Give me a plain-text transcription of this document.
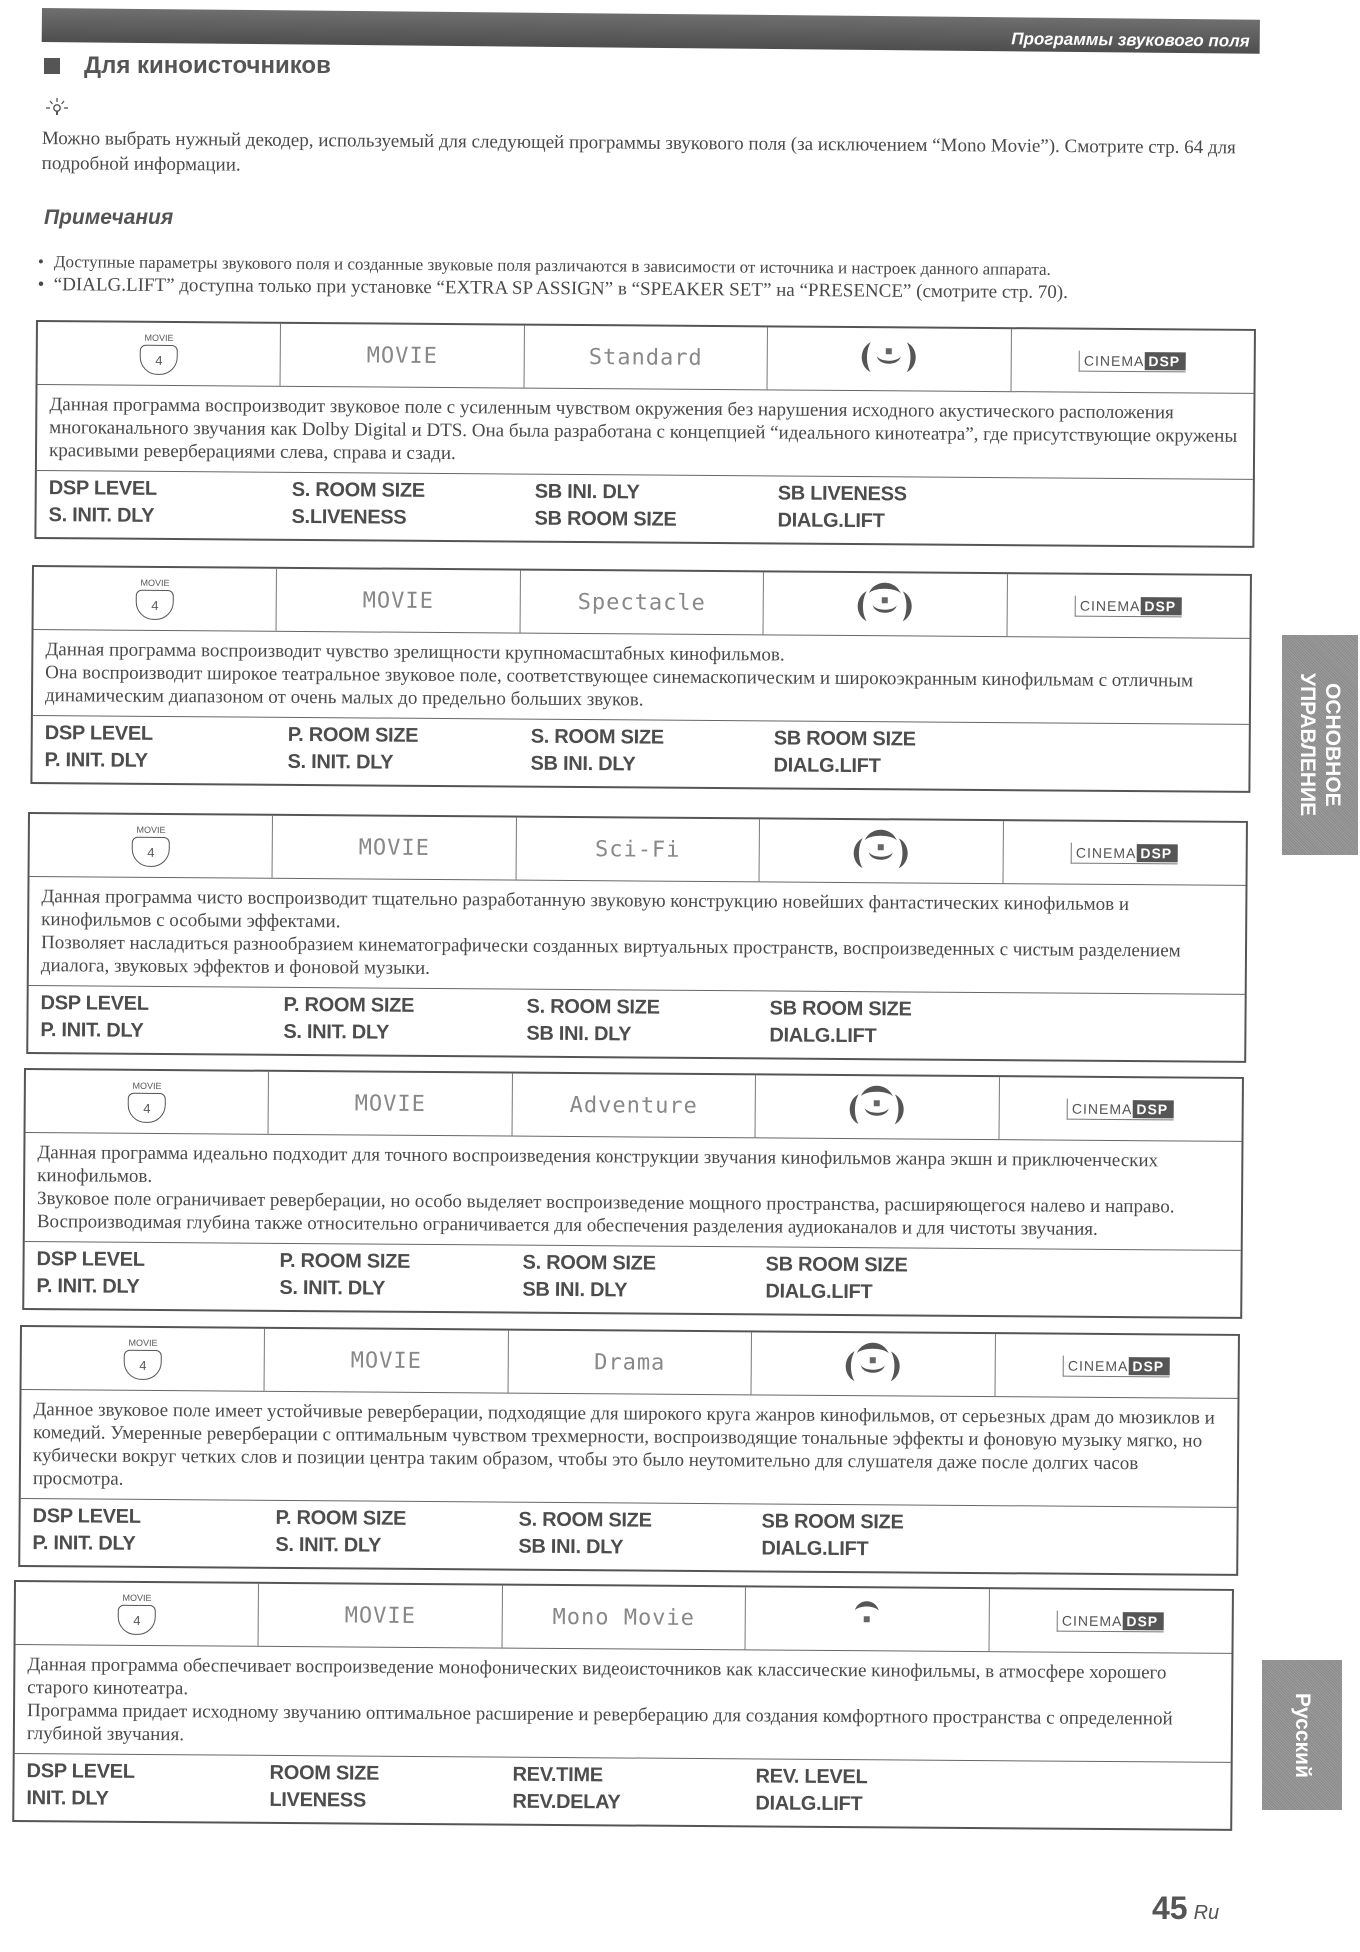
Программы звукового поля
Для киноисточников
Можно выбрать нужный декодер, используемый для следующей программы звукового поля (за исключением “Mono Movie”). Смотрите стр. 64 для подробной информации.
Примечания
• Доступные параметры звукового поля и созданные звуковые поля различаются в зависимости от источника и настроек данного аппарата.
• “DIALG.LIFT” доступна только при установке “EXTRA SP ASSIGN” в “SPEAKER SET” на “PRESENCE” (смотрите стр. 70).
MOVIE
4	MOVIE	Standard	CINEMA DSP

Данная программа воспроизводит звуковое поле с усиленным чувством окружения без нарушения исходного акустического расположения многоканального звучания как Dolby Digital и DTS. Она была разработана с концепцией “идеального кинотеатра”, где присутствующие окружены красивыми реверберациями слева, справа и сзади.

DSP LEVEL	S. ROOM SIZE	SB INI. DLY	SB LIVENESS
S. INIT. DLY	S.LIVENESS	SB ROOM SIZE	DIALG.LIFT
MOVIE
4	MOVIE	Spectacle	CINEMA DSP

Данная программа воспроизводит чувство зрелищности крупномасштабных кинофильмов.

Она воспроизводит широкое театральное звуковое поле, соответствующее синемаскопическим и широкоэкранным кинофильмам с отличным динамическим диапазоном от очень малых до предельно больших звуков.

DSP LEVEL	P. ROOM SIZE	S. ROOM SIZE	SB ROOM SIZE
P. INIT. DLY	S. INIT. DLY	SB INI. DLY	DIALG.LIFT
MOVIE
4	MOVIE	Sci-Fi	CINEMA DSP

Данная программа чисто воспроизводит тщательно разработанную звуковую конструкцию новейших фантастических кинофильмов и кинофильмов с особыми эффектами.

Позволяет насладиться разнообразием кинематографически созданных виртуальных пространств, воспроизведенных с чистым разделением диалога, звуковых эффектов и фоновой музыки.

DSP LEVEL	P. ROOM SIZE	S. ROOM SIZE	SB ROOM SIZE
P. INIT. DLY	S. INIT. DLY	SB INI. DLY	DIALG.LIFT
MOVIE
4	MOVIE	Adventure	CINEMA DSP

Данная программа идеально подходит для точного воспроизведения конструкции звучания кинофильмов жанра экшн и приключенческих кинофильмов.

Звуковое поле ограничивает реверберации, но особо выделяет воспроизведение мощного пространства, расширяющегося налево и направо. Воспроизводимая глубина также относительно ограничивается для обеспечения разделения аудиоканалов и для чистоты звучания.

DSP LEVEL	P. ROOM SIZE	S. ROOM SIZE	SB ROOM SIZE
P. INIT. DLY	S. INIT. DLY	SB INI. DLY	DIALG.LIFT
MOVIE
4	MOVIE	Drama	CINEMA DSP

Данное звуковое поле имеет устойчивые реверберации, подходящие для широкого круга жанров кинофильмов, от серьезных драм до мюзиклов и комедий. Умеренные реверберации с оптимальным чувством трехмерности, воспроизводящие тональные эффекты и фоновую музыку мягко, но кубически вокруг четких слов и позиции центра таким образом, чтобы это было неутомительно для слушателя даже после долгих часов просмотра.

DSP LEVEL	P. ROOM SIZE	S. ROOM SIZE	SB ROOM SIZE
P. INIT. DLY	S. INIT. DLY	SB INI. DLY	DIALG.LIFT
MOVIE
4	MOVIE	Mono Movie	CINEMA DSP

Данная программа обеспечивает воспроизведение монофонических видеоисточников как классические кинофильмы, в атмосфере хорошего старого кинотеатра.

Программа придает исходному звучанию оптимальное расширение и реверберацию для создания комфортного пространства с определенной глубиной звучания.

DSP LEVEL	ROOM SIZE	REV.TIME	REV. LEVEL
INIT. DLY	LIVENESS	REV.DELAY	DIALG.LIFT
ОСНОВНОЕ УПРАВЛЕНИЕ
Русский
45 Ru
